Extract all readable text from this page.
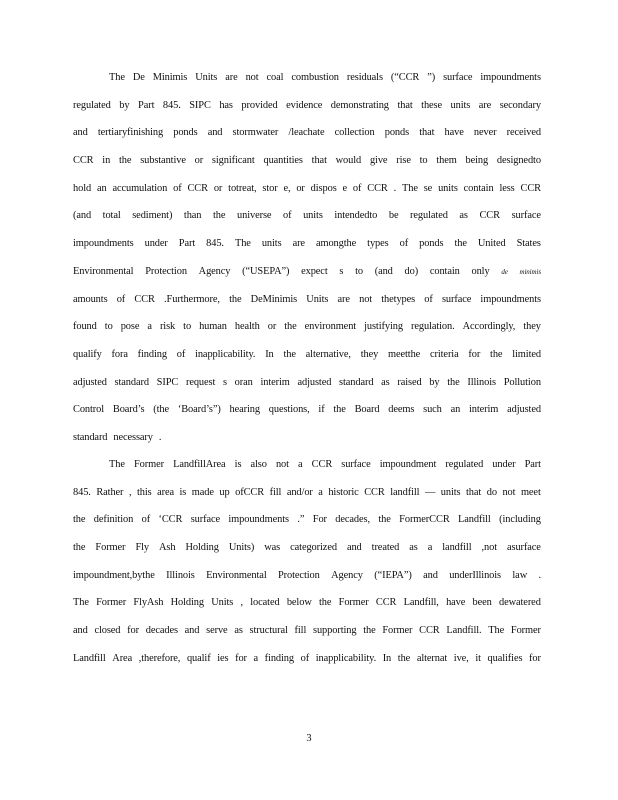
The De Minimis Units are not coal combustion residuals (“CCR ”) surface impoundments
regulated by Part 845. SIPC has provided evidence demonstrating that these units are secondary
and tertiaryfinishing ponds and stormwater /leachate collection ponds that have never received
CCR in the substantive or significant quantities that would give rise to them being designedto
hold an accumulation of CCR or totreat, stor e, or dispos e of CCR . The se units contain less CCR
(and total sediment) than the universe of units intendedto be regulated as CCR surface
impoundments under Part 845. The units are amongthe types of ponds the United States
Environmental Protection Agency (“USEPA”) expect s to (and do) contain only de minimis
amounts of CCR .Furthermore, the DeMinimis Units are not thetypes of surface impoundments
found to pose a risk to human health or the environment justifying regulation. Accordingly, they
qualify fora finding of inapplicability. In the alternative, they meetthe criteria for the limited
adjusted standard SIPC request s oran interim adjusted standard as raised by the Illinois Pollution
Control Board’s (the ‘Board’s”) hearing questions, if the Board deems such an interim adjusted
standard necessary .
The Former LandfillArea is also not a CCR surface impoundment regulated under Part
845. Rather , this area is made up ofCCR fill and/or a historic CCR landfill — units that do not meet
the definition of ‘CCR surface impoundments .” For decades, the FormerCCR Landfill (including
the Former Fly Ash Holding Units) was categorized and treated as a landfill ,not asurface
impoundment,bythe Illinois Environmental Protection Agency (“IEPA”) and underIllinois law .
The Former FlyAsh Holding Units , located below the Former CCR Landfill, have been dewatered
and closed for decades and serve as structural fill supporting the Former CCR Landfill. The Former
Landfill Area ,therefore, qualif ies for a finding of inapplicability. In the alternat ive, it qualifies for
3
